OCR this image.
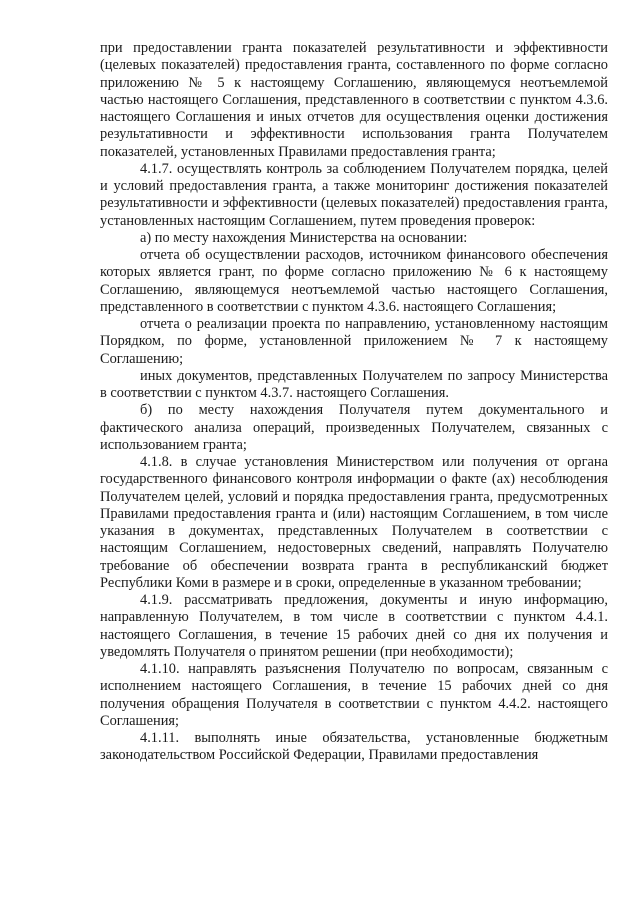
при предоставлении гранта показателей результативности и эффективности (целевых показателей) предоставления гранта, составленного по форме согласно приложению № 5 к настоящему Соглашению, являющемуся неотъемлемой частью настоящего Соглашения, представленного в соответствии с пунктом 4.3.6. настоящего Соглашения и иных отчетов для осуществления оценки достижения результативности и эффективности использования гранта Получателем показателей, установленных Правилами предоставления гранта;

4.1.7. осуществлять контроль за соблюдением Получателем порядка, целей и условий предоставления гранта, а также мониторинг достижения показателей результативности и эффективности (целевых показателей) предоставления гранта, установленных настоящим Соглашением, путем проведения проверок:

а) по месту нахождения Министерства на основании:

отчета об осуществлении расходов, источником финансового обеспечения которых является грант, по форме согласно приложению № 6 к настоящему Соглашению, являющемуся неотъемлемой частью настоящего Соглашения, представленного в соответствии с пунктом 4.3.6. настоящего Соглашения;

отчета о реализации проекта по направлению, установленному настоящим Порядком, по форме, установленной приложением № 7 к настоящему Соглашению;

иных документов, представленных Получателем по запросу Министерства в соответствии с пунктом 4.3.7. настоящего Соглашения.

б) по месту нахождения Получателя путем документального и фактического анализа операций, произведенных Получателем, связанных с использованием гранта;

4.1.8. в случае установления Министерством или получения от органа государственного финансового контроля информации о факте (ах) несоблюдения Получателем целей, условий и порядка предоставления гранта, предусмотренных Правилами предоставления гранта и (или) настоящим Соглашением, в том числе указания в документах, представленных Получателем в соответствии с настоящим Соглашением, недостоверных сведений, направлять Получателю требование об обеспечении возврата гранта в республиканский бюджет Республики Коми в размере и в сроки, определенные в указанном требовании;

4.1.9. рассматривать предложения, документы и иную информацию, направленную Получателем, в том числе в соответствии с пунктом 4.4.1. настоящего Соглашения, в течение 15 рабочих дней со дня их получения и уведомлять Получателя о принятом решении (при необходимости);

4.1.10. направлять разъяснения Получателю по вопросам, связанным с исполнением настоящего Соглашения, в течение 15 рабочих дней со дня получения обращения Получателя в соответствии с пунктом 4.4.2. настоящего Соглашения;

4.1.11. выполнять иные обязательства, установленные бюджетным законодательством Российской Федерации, Правилами предоставления
